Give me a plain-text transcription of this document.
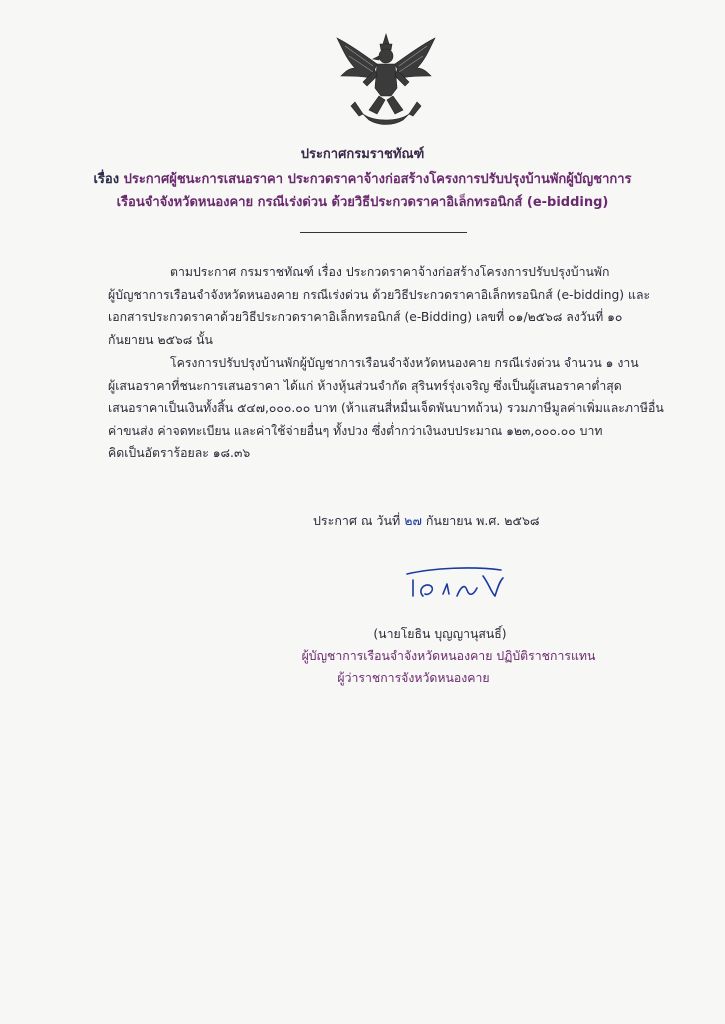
ประกาศกรมราชทัณฑ์
เรื่อง ประกาศผู้ชนะการเสนอราคา ประกวดราคาจ้างก่อสร้างโครงการปรับปรุงบ้านพักผู้บัญชาการ
เรือนจำจังหวัดหนองคาย กรณีเร่งด่วน ด้วยวิธีประกวดราคาอิเล็กทรอนิกส์ (e-bidding)
ตามประกาศ กรมราชทัณฑ์ เรื่อง ประกวดราคาจ้างก่อสร้างโครงการปรับปรุงบ้านพัก
ผู้บัญชาการเรือนจำจังหวัดหนองคาย กรณีเร่งด่วน ด้วยวิธีประกวดราคาอิเล็กทรอนิกส์ (e-bidding) และ
เอกสารประกวดราคาด้วยวิธีประกวดราคาอิเล็กทรอนิกส์ (e-Bidding) เลขที่ ๐๑/๒๕๖๘ ลงวันที่ ๑๐
กันยายน ๒๕๖๘ นั้น
โครงการปรับปรุงบ้านพักผู้บัญชาการเรือนจำจังหวัดหนองคาย กรณีเร่งด่วน จำนวน ๑ งาน
ผู้เสนอราคาที่ชนะการเสนอราคา ได้แก่ ห้างหุ้นส่วนจำกัด สุรินทร์รุ่งเจริญ ซึ่งเป็นผู้เสนอราคาต่ำสุด
เสนอราคาเป็นเงินทั้งสิ้น ๕๔๗,๐๐๐.๐๐ บาท (ห้าแสนสี่หมื่นเจ็ดพันบาทถ้วน) รวมภาษีมูลค่าเพิ่มและภาษีอื่น
ค่าขนส่ง ค่าจดทะเบียน และค่าใช้จ่ายอื่นๆ ทั้งปวง ซึ่งต่ำกว่าเงินงบประมาณ ๑๒๓,๐๐๐.๐๐ บาท
คิดเป็นอัตราร้อยละ ๑๘.๓๖
ประกาศ ณ วันที่ ๒๗ กันยายน พ.ศ. ๒๕๖๘
(นายโยธิน บุญญานุสนธิ์)
ผู้บัญชาการเรือนจำจังหวัดหนองคาย ปฏิบัติราชการแทน
ผู้ว่าราชการจังหวัดหนองคาย
